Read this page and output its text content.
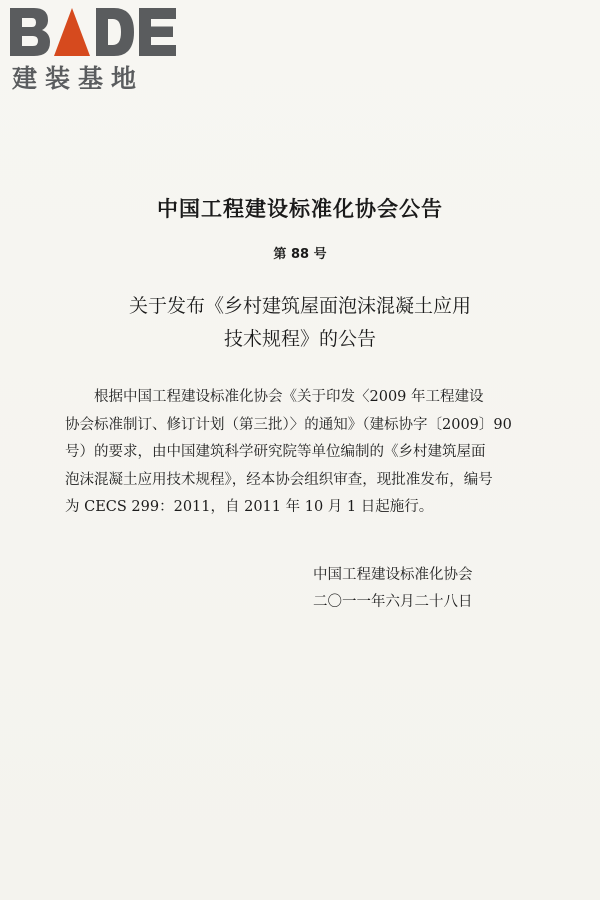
建装基地
中国工程建设标准化协会公告
第 88 号
关于发布《乡村建筑屋面泡沫混凝土应用
技术规程》的公告
根据中国工程建设标准化协会《关于印发〈2009 年工程建设
协会标准制订、修订计划（第三批）〉的通知》（建标协字〔2009〕90
号）的要求，由中国建筑科学研究院等单位编制的《乡村建筑屋面
泡沫混凝土应用技术规程》，经本协会组织审查，现批准发布，编号
为 CECS 299：2011，自 2011 年 10 月 1 日起施行。
中国工程建设标准化协会
二〇一一年六月二十八日
